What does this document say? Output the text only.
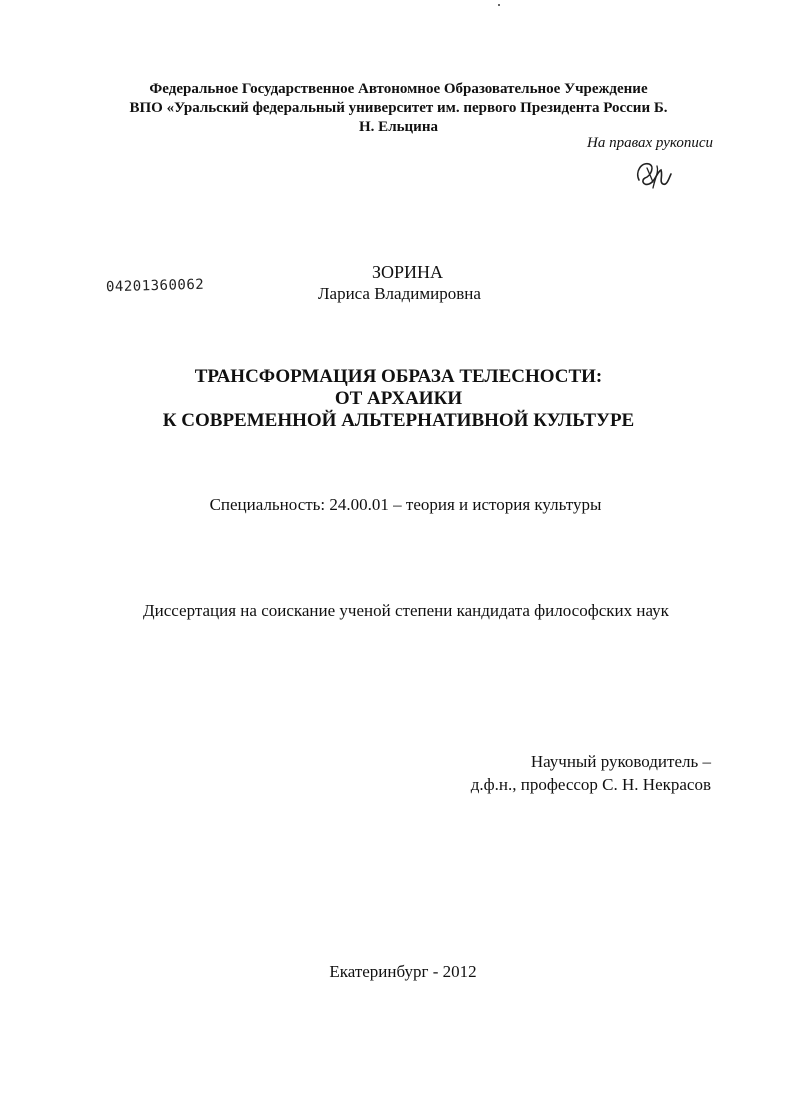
Федеральное Государственное Автономное Образовательное Учреждение
ВПО «Уральский федеральный университет им. первого Президента России Б.
Н. Ельцина
На правах рукописи
04201360062
ЗОРИНА
Лариса Владимировна
ТРАНСФОРМАЦИЯ ОБРАЗА ТЕЛЕСНОСТИ:
ОТ АРХАИКИ
К СОВРЕМЕННОЙ АЛЬТЕРНАТИВНОЙ КУЛЬТУРЕ
Специальность: 24.00.01 – теория и история культуры
Диссертация на соискание ученой степени кандидата философских наук
Научный руководитель –
д.ф.н., профессор С. Н. Некрасов
Екатеринбург - 2012
